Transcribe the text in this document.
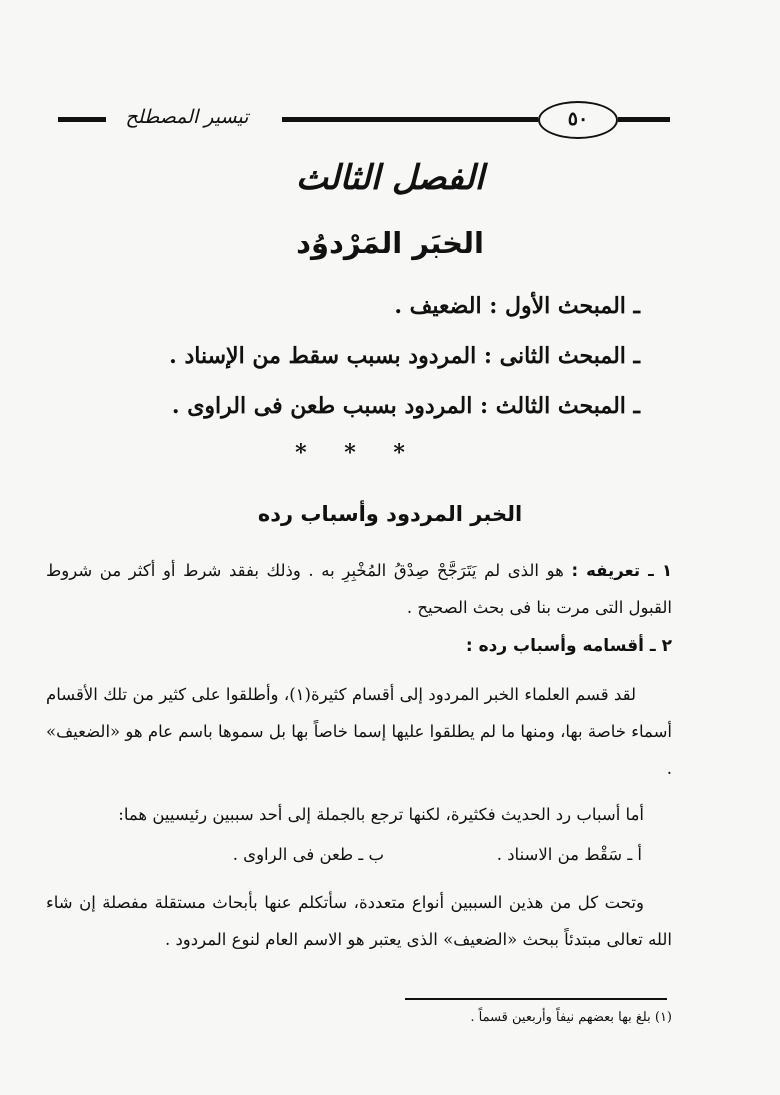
تيسير المصطلح	٥٠
الفصل الثالث
الخبَر المَرْدوُد
ـ المبحث الأول : الضعيف .
ـ المبحث الثانى : المردود بسبب سقط من الإسناد .
ـ المبحث الثالث : المردود بسبب طعن فى الراوى .
* * *
الخبر المردود وأسباب رده
١ ـ تعريفه : هو الذى لم يَتَرَجَّحْ صِدْقُ المُخْبِرِ به . وذلك بفقد شرط أو أكثر من شروط القبول التى مرت بنا فى بحث الصحيح .
٢ ـ أقسامه وأسباب رده :
لقد قسم العلماء الخبر المردود إلى أقسام كثيرة(١)، وأطلقوا على كثير من تلك الأقسام أسماء خاصة بها، ومنها ما لم يطلقوا عليها إسما خاصاً بها بل سموها باسم عام هو «الضعيف» .
أما أسباب رد الحديث فكثيرة، لكنها ترجع بالجملة إلى أحد سببين رئيسيين هما:
أ ـ سَقْط من الاسناد .
ب ـ طعن فى الراوى .
وتحت كل من هذين السببين أنواع متعددة، سأتكلم عنها بأبحاث مستقلة مفصلة إن شاء الله تعالى مبتدئاً ببحث «الضعيف» الذى يعتبر هو الاسم العام لنوع المردود .
(١) بلغ بها بعضهم نيفاً وأربعين قسماً .
